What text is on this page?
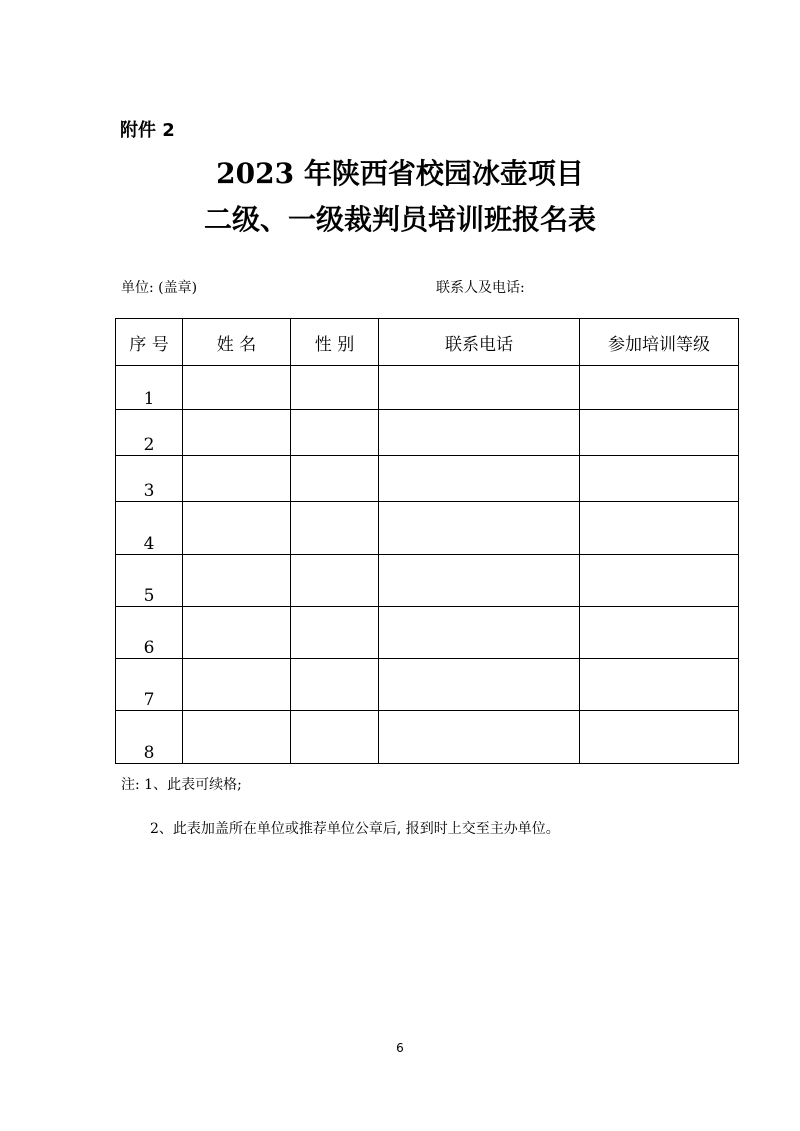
附件 2
2023 年陕西省校园冰壶项目
二级、一级裁判员培训班报名表
单位: (盖章)	联系人及电话:
序 号	姓 名	性 别	联系电话	参加培训等级
1				
2				
3				
4				
5				
6				
7				
8				
注: 1、此表可续格;
2、此表加盖所在单位或推荐单位公章后, 报到时上交至主办单位。
6
